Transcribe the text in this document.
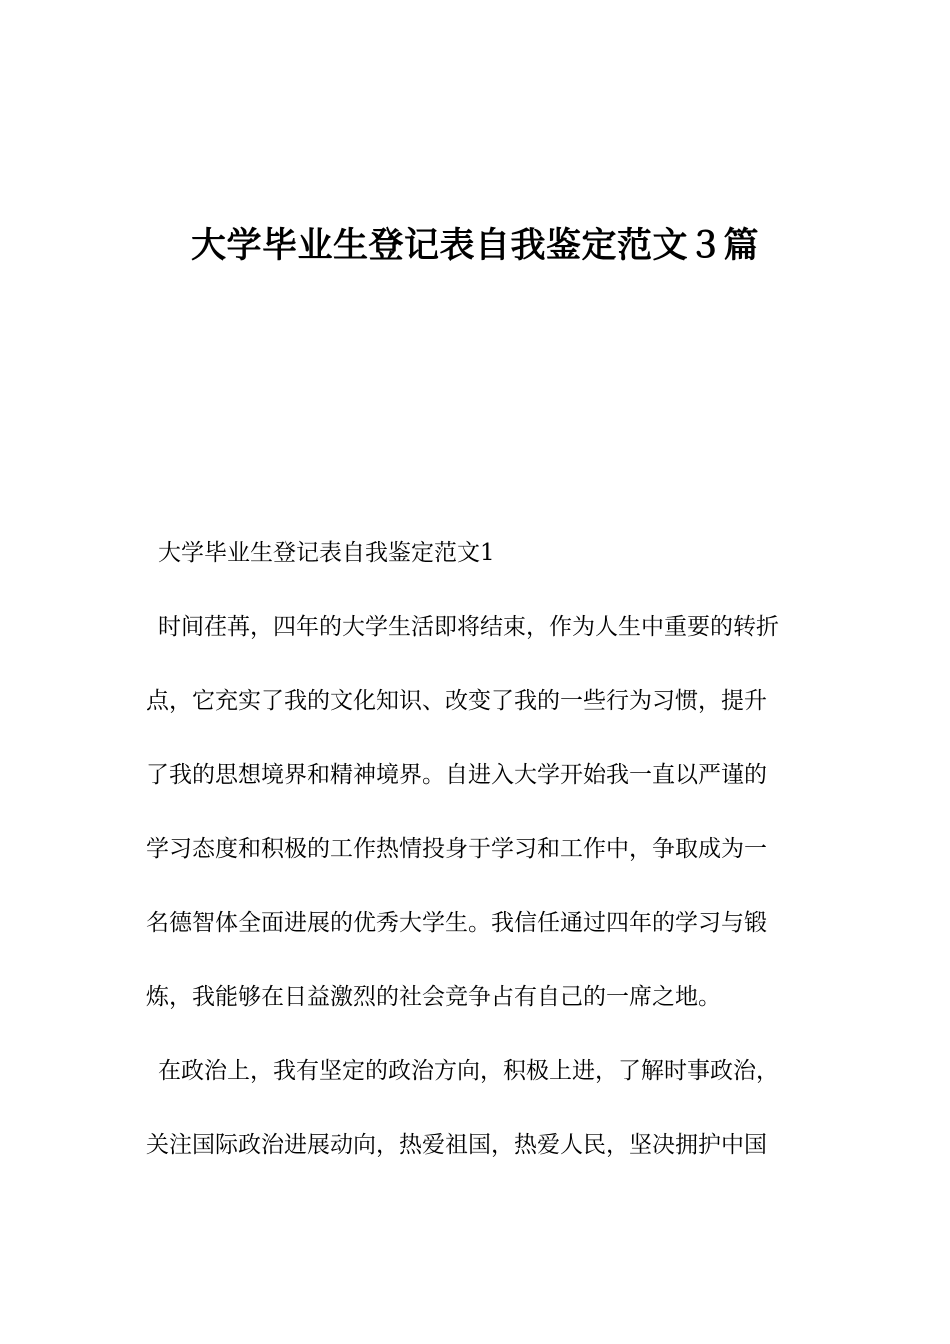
大学毕业生登记表自我鉴定范文３篇
大学毕业生登记表自我鉴定范文1
时间荏苒，四年的大学生活即将结束，作为人生中重要的转折
点，它充实了我的文化知识、改变了我的一些行为习惯，提升
了我的思想境界和精神境界。自进入大学开始我一直以严谨的
学习态度和积极的工作热情投身于学习和工作中，争取成为一
名德智体全面进展的优秀大学生。我信任通过四年的学习与锻
炼，我能够在日益激烈的社会竞争占有自己的一席之地。
在政治上，我有坚定的政治方向，积极上进，了解时事政治，
关注国际政治进展动向，热爱祖国，热爱人民，坚决拥护中国
